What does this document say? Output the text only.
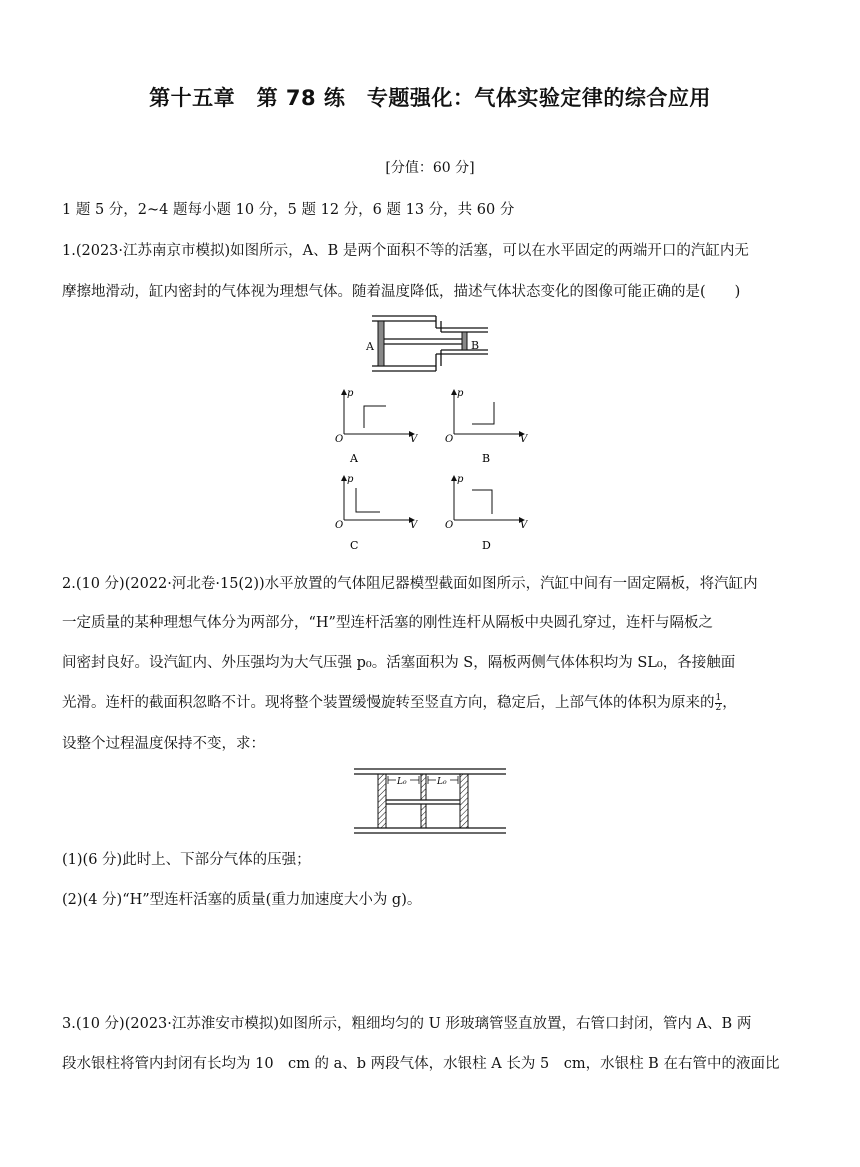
第十五章　第 78 练　专题强化：气体实验定律的综合应用
[分值：60 分]
1 题 5 分，2~4 题每小题 10 分，5 题 12 分，6 题 13 分，共 60 分
1.(2023·江苏南京市模拟)如图所示，A、B 是两个面积不等的活塞，可以在水平固定的两端开口的汽缸内无
摩擦地滑动，缸内密封的气体视为理想气体。随着温度降低，描述气体状态变化的图像可能正确的是(　　)
A	B
p
V
O
A
p
V
O
B
p
V
O
C
p
V
O
D
2.(10 分)(2022·河北卷·15(2))水平放置的气体阻尼器模型截面如图所示，汽缸中间有一固定隔板，将汽缸内
一定质量的某种理想气体分为两部分，“H”型连杆活塞的刚性连杆从隔板中央圆孔穿过，连杆与隔板之
间密封良好。设汽缸内、外压强均为大气压强 p₀。活塞面积为 S，隔板两侧气体体积均为 SL₀，各接触面
光滑。连杆的截面积忽略不计。现将整个装置缓慢旋转至竖直方向，稳定后，上部气体的体积为原来的 $\frac{1}{2}$ ，
设整个过程温度保持不变，求：
L₀	L₀
(1)(6 分)此时上、下部分气体的压强；
(2)(4 分)“H”型连杆活塞的质量(重力加速度大小为 g)。
3.(10 分)(2023·江苏淮安市模拟)如图所示，粗细均匀的 U 形玻璃管竖直放置，右管口封闭，管内 A、B 两
段水银柱将管内封闭有长均为 10　cm 的 a、b 两段气体，水银柱 A 长为 5　cm，水银柱 B 在右管中的液面比
